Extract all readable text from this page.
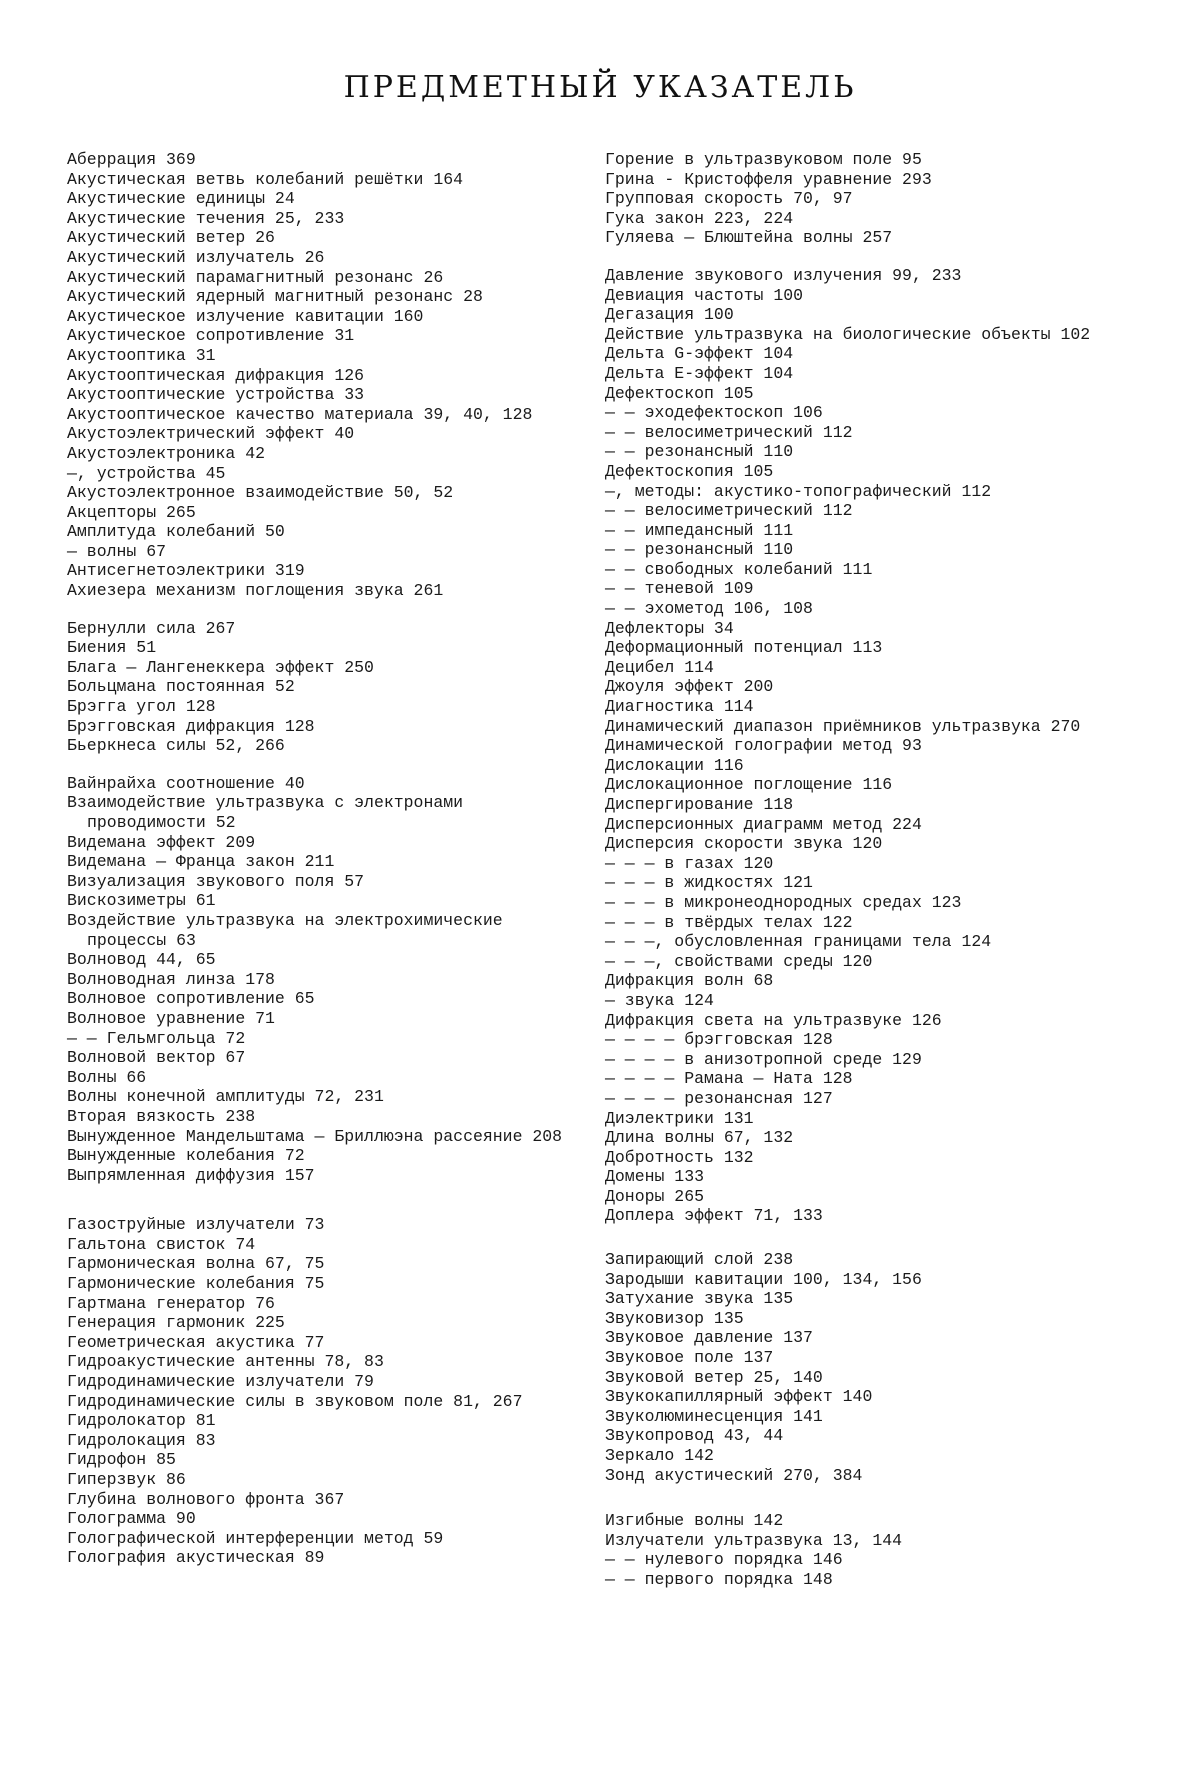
ПРЕДМЕТНЫЙ УКАЗАТЕЛЬ
Аберрация 369
Акустическая ветвь колебаний решётки 164
Акустические единицы 24
Акустические течения 25, 233
Акустический ветер 26
Акустический излучатель 26
Акустический парамагнитный резонанс 26
Акустический ядерный магнитный резонанс 28
Акустическое излучение кавитации 160
Акустическое сопротивление 31
Акустооптика 31
Акустооптическая дифракция 126
Акустооптические устройства 33
Акустооптическое качество материала 39, 40, 128
Акустоэлектрический эффект 40
Акустоэлектроника 42
—, устройства 45
Акустоэлектронное взаимодействие 50, 52
Акцепторы 265
Амплитуда колебаний 50
— волны 67
Антисегнетоэлектрики 319
Ахиезера механизм поглощения звука 261
Бернулли сила 267
Биения 51
Блага — Лангенеккера эффект 250
Больцмана постоянная 52
Брэгга угол 128
Брэгговская дифракция 128
Бьеркнеса силы 52, 266
Вайнрайха соотношение 40
Взаимодействие ультразвука с электронами проводимости 52
Видемана эффект 209
Видемана — Франца закон 211
Визуализация звукового поля 57
Вискозиметры 61
Воздействие ультразвука на электрохимические процессы 63
Волновод 44, 65
Волноводная линза 178
Волновое сопротивление 65
Волновое уравнение 71
— — Гельмгольца 72
Волновой вектор 67
Волны 66
Волны конечной амплитуды 72, 231
Вторая вязкость 238
Вынужденное Мандельштама — Бриллюэна рассеяние 208
Вынужденные колебания 72
Выпрямленная диффузия 157
Газоструйные излучатели 73
Гальтона свисток 74
Гармоническая волна 67, 75
Гармонические колебания 75
Гартмана генератор 76
Генерация гармоник 225
Геометрическая акустика 77
Гидроакустические антенны 78, 83
Гидродинамические излучатели 79
Гидродинамические силы в звуковом поле 81, 267
Гидролокатор 81
Гидролокация 83
Гидрофон 85
Гиперзвук 86
Глубина волнового фронта 367
Голограмма 90
Голографической интерференции метод 59
Голография акустическая 89
Горение в ультразвуковом поле 95
Грина - Кристоффеля уравнение 293
Групповая скорость 70, 97
Гука закон 223, 224
Гуляева — Блюштейна волны 257
Давление звукового излучения 99, 233
Девиация частоты 100
Дегазация 100
Действие ультразвука на биологические объекты 102
Дельта G-эффект 104
Дельта E-эффект 104
Дефектоскоп 105
— — эходефектоскоп 106
— — велосиметрический 112
— — резонансный 110
Дефектоскопия 105
—, методы: акустико-топографический 112
— — велосиметрический 112
— — импедансный 111
— — резонансный 110
— — свободных колебаний 111
— — теневой 109
— — эхометод 106, 108
Дефлекторы 34
Деформационный потенциал 113
Децибел 114
Джоуля эффект 200
Диагностика 114
Динамический диапазон приёмников ультразвука 270
Динамической голографии метод 93
Дислокации 116
Дислокационное поглощение 116
Диспергирование 118
Дисперсионных диаграмм метод 224
Дисперсия скорости звука 120
— — — в газах 120
— — — в жидкостях 121
— — — в микронеоднородных средах 123
— — — в твёрдых телах 122
— — —, обусловленная границами тела 124
— — —, свойствами среды 120
Дифракция волн 68
— звука 124
Дифракция света на ультразвуке 126
— — — — брэгговская 128
— — — — в анизотропной среде 129
— — — — Рамана — Ната 128
— — — — резонансная 127
Диэлектрики 131
Длина волны 67, 132
Добротность 132
Домены 133
Доноры 265
Доплера эффект 71, 133
Запирающий слой 238
Зародыши кавитации 100, 134, 156
Затухание звука 135
Звуковизор 135
Звуковое давление 137
Звуковое поле 137
Звуковой ветер 25, 140
Звукокапиллярный эффект 140
Звуколюминесценция 141
Звукопровод 43, 44
Зеркало 142
Зонд акустический 270, 384
Изгибные волны 142
Излучатели ультразвука 13, 144
— — нулевого порядка 146
— — первого порядка 148
